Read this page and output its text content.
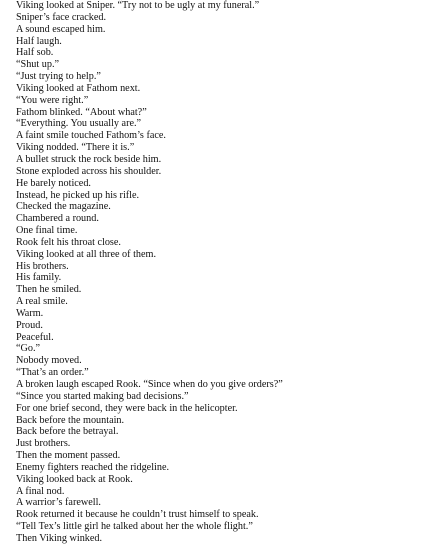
Viking looked at Sniper. “Try not to be ugly at my funeral.”
Sniper’s face cracked.
A sound escaped him.
Half laugh.
Half sob.
“Shut up.”
“Just trying to help.”
Viking looked at Fathom next.
“You were right.”
Fathom blinked. “About what?”
“Everything. You usually are.”
A faint smile touched Fathom’s face.
Viking nodded. “There it is.”
A bullet struck the rock beside him.
Stone exploded across his shoulder.
He barely noticed.
Instead, he picked up his rifle.
Checked the magazine.
Chambered a round.
One final time.
Rook felt his throat close.
Viking looked at all three of them.
His brothers.
His family.
Then he smiled.
A real smile.
Warm.
Proud.
Peaceful.
“Go.”
Nobody moved.
“That’s an order.”
A broken laugh escaped Rook. “Since when do you give orders?”
“Since you started making bad decisions.”
For one brief second, they were back in the helicopter.
Back before the mountain.
Back before the betrayal.
Just brothers.
Then the moment passed.
Enemy fighters reached the ridgeline.
Viking looked back at Rook.
A final nod.
A warrior’s farewell.
Rook returned it because he couldn’t trust himself to speak.
“Tell Tex’s little girl he talked about her the whole flight.”
Then Viking winked.
